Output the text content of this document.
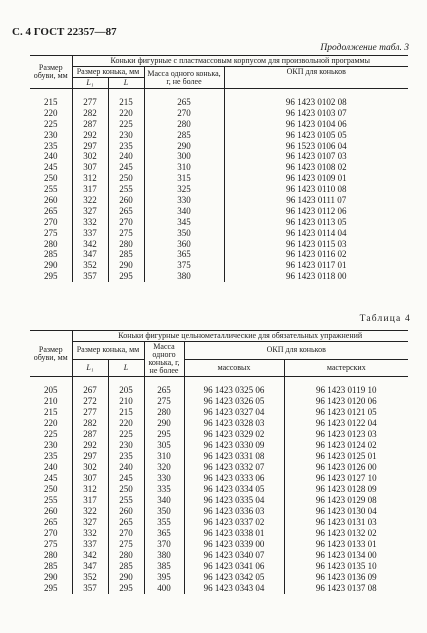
С. 4 ГОСТ 22357—87
Продолжение табл. 3
Размер обуви, мм	Коньки фигурные с пластмассовым корпусом для произвольной программы			
	Размер конька, мм		Масса одного конька, г, не более	ОКП для коньков
	L₁	L		

215	277	215	265	96 1423 0102 08
220	282	220	270	96 1423 0103 07
225	287	225	280	96 1423 0104 06
230	292	230	285	96 1423 0105 05
235	297	235	290	96 1523 0106 04
240	302	240	300	96 1423 0107 03
245	307	245	310	96 1423 0108 02
250	312	250	315	96 1423 0109 01
255	317	255	325	96 1423 0110 08
260	322	260	330	96 1423 0111 07
265	327	265	340	96 1423 0112 06
270	332	270	345	96 1423 0113 05
275	337	275	350	96 1423 0114 04
280	342	280	360	96 1423 0115 03
285	347	285	365	96 1423 0116 02
290	352	290	375	96 1423 0117 01
295	357	295	380	96 1423 0118 00
Таблица 4
Размер обуви, мм	Коньки фигурные цельнометаллические для обязательных упражнений				
	Размер конька, мм		Масса одного конька, г, не более	ОКП для коньков	
	L₁	L		массовых	мастерских

205	267	205	265	96 1423 0325 06	96 1423 0119 10
210	272	210	275	96 1423 0326 05	96 1423 0120 06
215	277	215	280	96 1423 0327 04	96 1423 0121 05
220	282	220	290	96 1423 0328 03	96 1423 0122 04
225	287	225	295	96 1423 0329 02	96 1423 0123 03
230	292	230	305	96 1423 0330 09	96 1423 0124 02
235	297	235	310	96 1423 0331 08	96 1423 0125 01
240	302	240	320	96 1423 0332 07	96 1423 0126 00
245	307	245	330	96 1423 0333 06	96 1423 0127 10
250	312	250	335	96 1423 0334 05	96 1423 0128 09
255	317	255	340	96 1423 0335 04	96 1423 0129 08
260	322	260	350	96 1423 0336 03	96 1423 0130 04
265	327	265	355	96 1423 0337 02	96 1423 0131 03
270	332	270	365	96 1423 0338 01	96 1423 0132 02
275	337	275	370	96 1423 0339 00	96 1423 0133 01
280	342	280	380	96 1423 0340 07	96 1423 0134 00
285	347	285	385	96 1423 0341 06	96 1423 0135 10
290	352	290	395	96 1423 0342 05	96 1423 0136 09
295	357	295	400	96 1423 0343 04	96 1423 0137 08
